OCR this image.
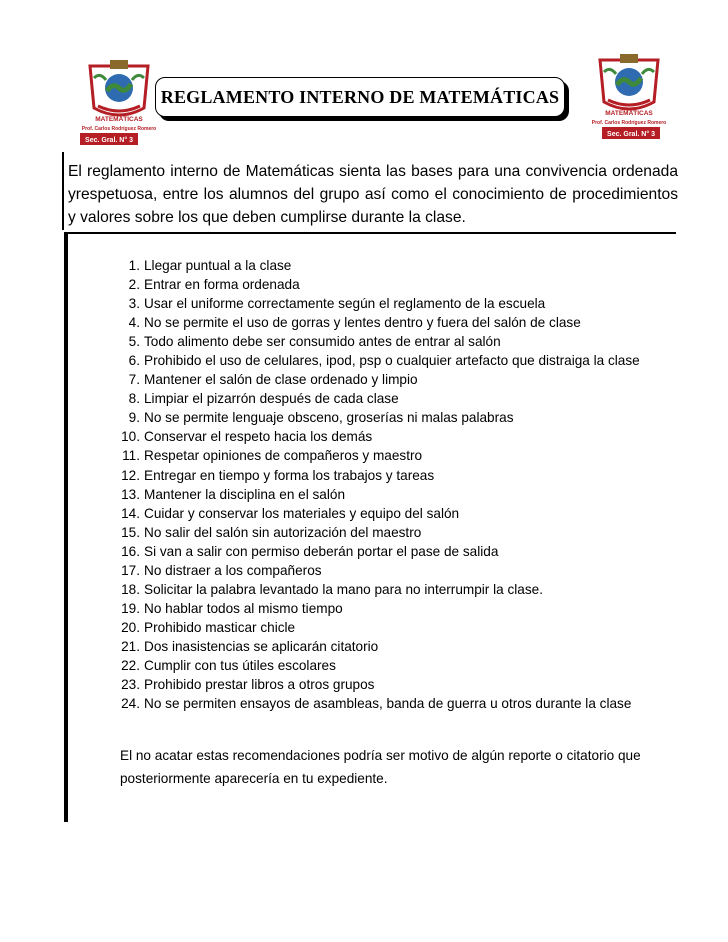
MATEMÁTICAS
Prof. Carlos Rodríguez Romero
Sec. Gral. N° 3
REGLAMENTO INTERNO DE MATEMÁTICAS
MATEMÁTICAS
Prof. Carlos Rodríguez Romero
Sec. Gral. N° 3

El reglamento interno de Matemáticas sienta las bases para una convivencia ordenada yrespetuosa, entre los alumnos del grupo así como el conocimiento de procedimientos y valores sobre los que deben cumplirse durante la clase.

1. Llegar puntual a la clase
2. Entrar en forma ordenada
3. Usar el uniforme correctamente según el reglamento de la escuela
4. No se permite el uso de gorras y lentes dentro y fuera del salón de clase
5. Todo alimento debe ser consumido antes de entrar al salón
6. Prohibido el uso de celulares, ipod, psp o cualquier artefacto que distraiga la clase
7. Mantener el salón de clase ordenado y limpio
8. Limpiar el pizarrón después de cada clase
9. No se permite lenguaje obsceno, groserías ni malas palabras
10. Conservar el respeto hacia los demás
11. Respetar opiniones de compañeros y maestro
12. Entregar en tiempo y forma los trabajos y tareas
13. Mantener la disciplina en el salón
14. Cuidar y conservar los materiales y equipo del salón
15. No salir del salón sin autorización del maestro
16. Si van a salir con permiso deberán portar el pase de salida
17. No distraer a los compañeros
18. Solicitar la palabra levantado la mano para no interrumpir la clase.
19. No hablar todos al mismo tiempo
20. Prohibido masticar chicle
21. Dos inasistencias se aplicarán citatorio
22. Cumplir con tus útiles escolares
23. Prohibido prestar libros a otros grupos
24. No se permiten ensayos de asambleas, banda de guerra u otros durante la clase

El no acatar estas recomendaciones podría ser motivo de algún reporte o citatorio que posteriormente aparecería en tu expediente.
